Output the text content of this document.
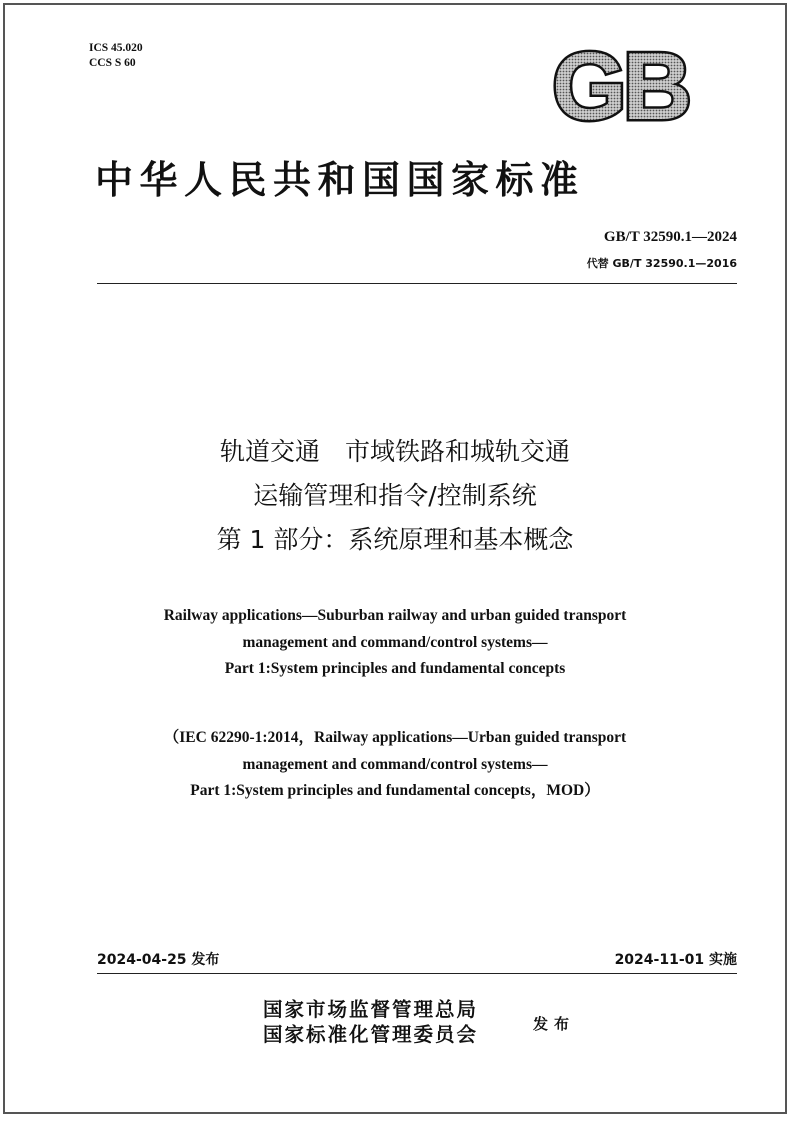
ICS 45.020
CCS S 60	GB
中华人民共和国国家标准
GB/T 32590.1—2024
代替 GB/T 32590.1—2016
轨道交通　市域铁路和城轨交通
运输管理和指令/控制系统
第 1 部分：系统原理和基本概念
Railway applications—Suburban railway and urban guided transport
management and command/control systems—
Part 1:System principles and fundamental concepts
（IEC 62290-1:2014，Railway applications—Urban guided transport
management and command/control systems—
Part 1:System principles and fundamental concepts，MOD）
2024-04-25 发布	2024-11-01 实施
国家市场监督管理总局
国家标准化管理委员会	发布
